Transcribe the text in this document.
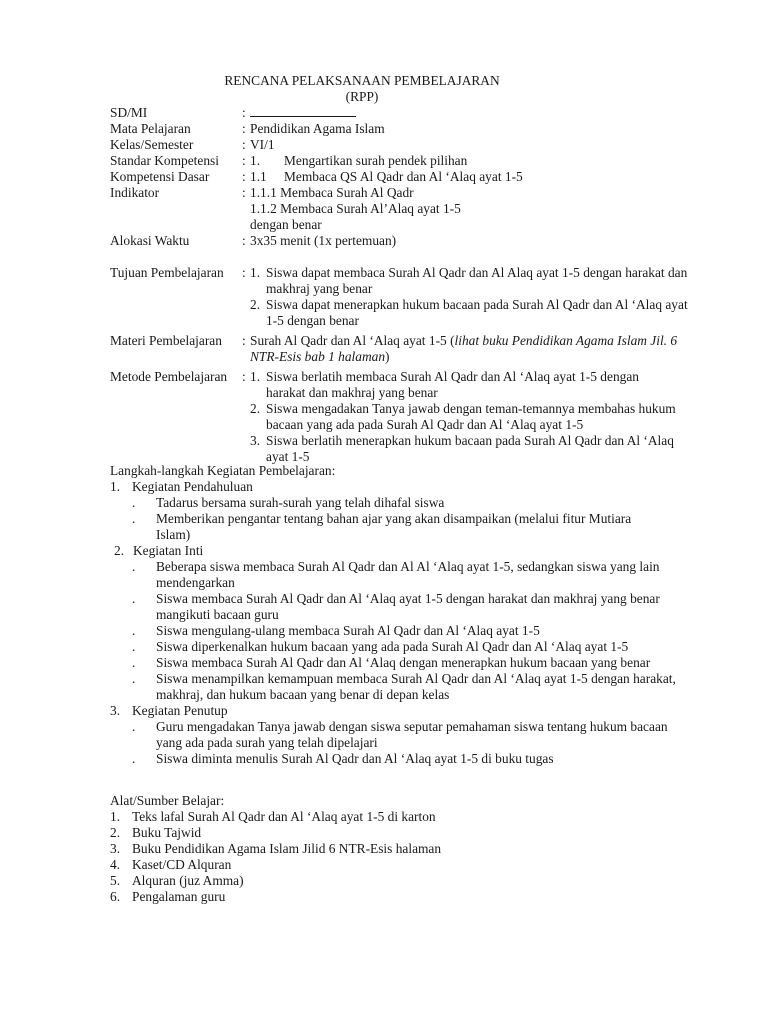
RENCANA PELAKSANAAN PEMBELAJARAN
(RPP)
SD/MI	:
Mata Pelajaran	: Pendidikan Agama Islam
Kelas/Semester	: VI/1
Standar Kompetensi : 1. Mengartikan surah pendek pilihan
Kompetensi Dasar : 1.1 Membaca QS Al Qadr dan Al ‘Alaq ayat 1-5
Indikator	: 1.1.1 Membaca Surah Al Qadr
1.1.2 Membaca Surah Al’Alaq ayat 1-5 dengan benar
Alokasi Waktu	: 3x35 menit (1x pertemuan)
Tujuan Pembelajaran : 1. Siswa dapat membaca Surah Al Qadr dan Al Alaq ayat 1-5 dengan harakat dan makhraj yang benar
2. Siswa dapat menerapkan hukum bacaan pada Surah Al Qadr dan Al ‘Alaq ayat 1-5 dengan benar
Materi Pembelajaran : Surah Al Qadr dan Al ‘Alaq ayat 1-5 (lihat buku Pendidikan Agama Islam Jil. 6 NTR-Esis bab 1 halaman)
Metode Pembelajaran : 1. Siswa berlatih membaca Surah Al Qadr dan Al ‘Alaq ayat 1-5 dengan harakat dan makhraj yang benar
2. Siswa mengadakan Tanya jawab dengan teman-temannya membahas hukum bacaan yang ada pada Surah Al Qadr dan Al ‘Alaq ayat 1-5
3. Siswa berlatih menerapkan hukum bacaan pada Surah Al Qadr dan Al ‘Alaq ayat 1-5
Langkah-langkah Kegiatan Pembelajaran:
1. Kegiatan Pendahuluan
. Tadarus bersama surah-surah yang telah dihafal siswa
. Memberikan pengantar tentang bahan ajar yang akan disampaikan (melalui fitur Mutiara Islam)
2. Kegiatan Inti
. Beberapa siswa membaca Surah Al Qadr dan Al Al ‘Alaq ayat 1-5, sedangkan siswa yang lain mendengarkan
. Siswa membaca Surah Al Qadr dan Al ‘Alaq ayat 1-5 dengan harakat dan makhraj yang benar mangikuti bacaan guru
. Siswa mengulang-ulang membaca Surah Al Qadr dan Al ‘Alaq ayat 1-5
. Siswa diperkenalkan hukum bacaan yang ada pada Surah Al Qadr dan Al ‘Alaq ayat 1-5
. Siswa membaca Surah Al Qadr dan Al ‘Alaq dengan menerapkan hukum bacaan yang benar
. Siswa menampilkan kemampuan membaca Surah Al Qadr dan Al ‘Alaq ayat 1-5 dengan harakat, makhraj, dan hukum bacaan yang benar di depan kelas
3. Kegiatan Penutup
. Guru mengadakan Tanya jawab dengan siswa seputar pemahaman siswa tentang hukum bacaan yang ada pada surah yang telah dipelajari
. Siswa diminta menulis Surah Al Qadr dan Al ‘Alaq ayat 1-5 di buku tugas
Alat/Sumber Belajar:
1. Teks lafal Surah Al Qadr dan Al ‘Alaq ayat 1-5 di karton
2. Buku Tajwid
3. Buku Pendidikan Agama Islam Jilid 6 NTR-Esis halaman
4. Kaset/CD Alquran
5. Alquran (juz Amma)
6. Pengalaman guru
